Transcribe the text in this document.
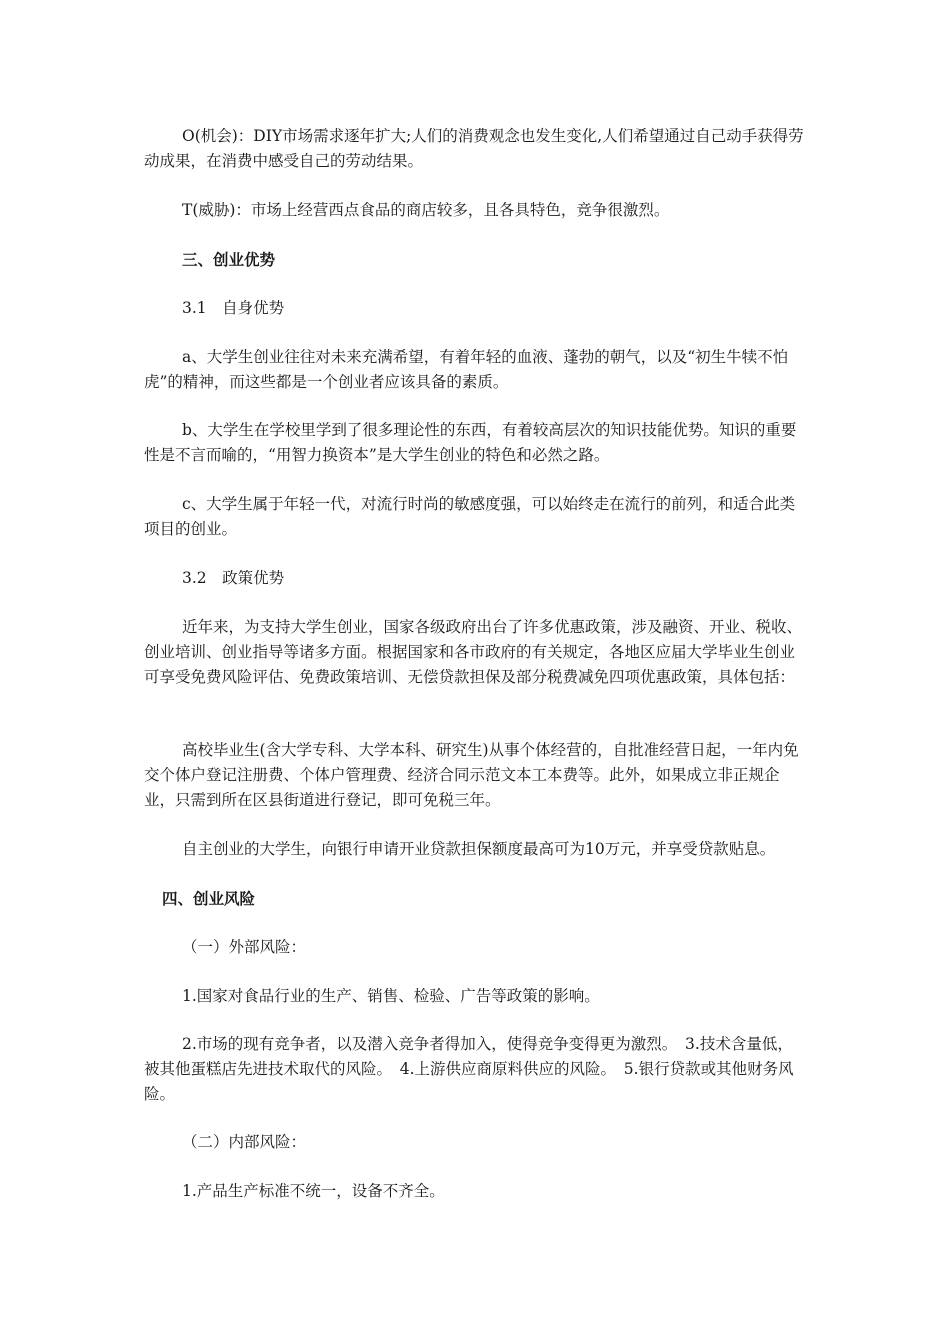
O(机会)：DIY市场需求逐年扩大;人们的消费观念也发生变化,人们希望通过自己动手获得劳动成果，在消费中感受自己的劳动结果。

T(威胁)：市场上经营西点食品的商店较多，且各具特色，竞争很激烈。

三、创业优势

3.1　自身优势

a、大学生创业往往对未来充满希望，有着年轻的血液、蓬勃的朝气，以及“初生牛犊不怕虎”的精神，而这些都是一个创业者应该具备的素质。

b、大学生在学校里学到了很多理论性的东西，有着较高层次的知识技能优势。知识的重要性是不言而喻的，“用智力换资本”是大学生创业的特色和必然之路。

c、大学生属于年轻一代，对流行时尚的敏感度强，可以始终走在流行的前列，和适合此类项目的创业。

3.2　政策优势

近年来，为支持大学生创业，国家各级政府出台了许多优惠政策，涉及融资、开业、税收、创业培训、创业指导等诸多方面。根据国家和各市政府的有关规定，各地区应届大学毕业生创业可享受免费风险评估、免费政策培训、无偿贷款担保及部分税费减免四项优惠政策，具体包括：

高校毕业生(含大学专科、大学本科、研究生)从事个体经营的，自批准经营日起，一年内免交个体户登记注册费、个体户管理费、经济合同示范文本工本费等。此外，如果成立非正规企业，只需到所在区县街道进行登记，即可免税三年。

自主创业的大学生，向银行申请开业贷款担保额度最高可为10万元，并享受贷款贴息。

四、创业风险

（一）外部风险：

1.国家对食品行业的生产、销售、检验、广告等政策的影响。

2.市场的现有竞争者，以及潜入竞争者得加入，使得竞争变得更为激烈。　3.技术含量低，被其他蛋糕店先进技术取代的风险。　4.上游供应商原料供应的风险。　5.银行贷款或其他财务风险。

（二）内部风险：

1.产品生产标准不统一，设备不齐全。
